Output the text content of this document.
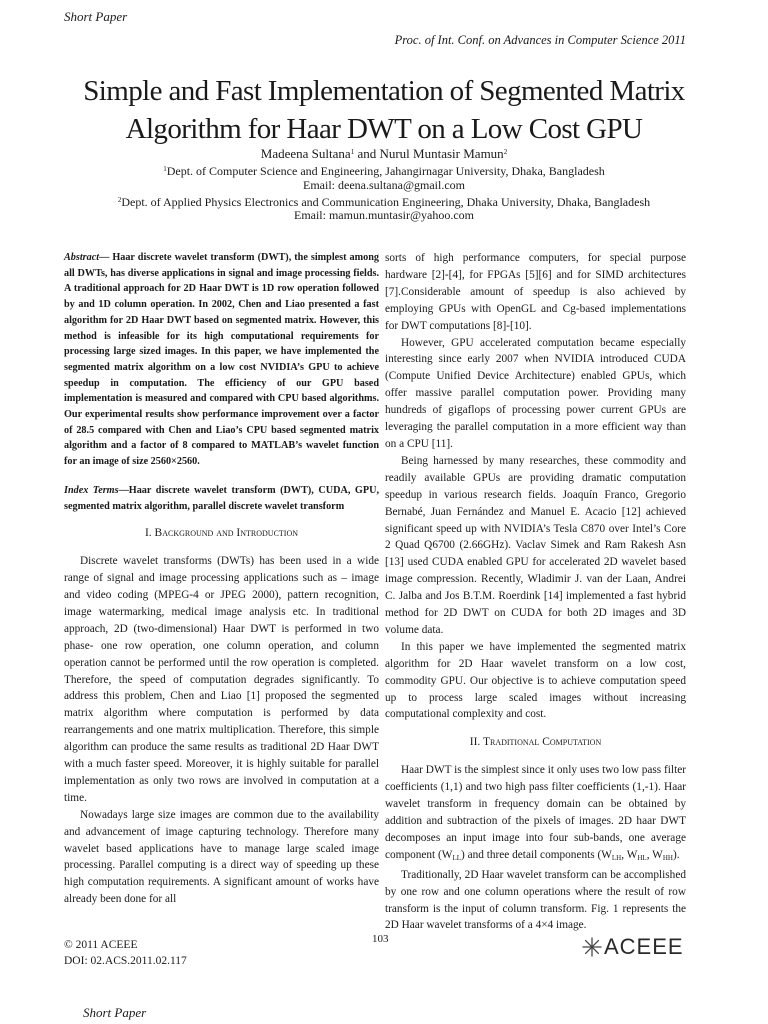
Short Paper
Proc. of Int. Conf. on Advances in Computer Science 2011
Simple and Fast Implementation of Segmented Matrix
Algorithm for Haar DWT on a Low Cost GPU
Madeena Sultana$^1$ and Nurul Muntasir Mamun$^2$
$^1$Dept. of Computer Science and Engineering, Jahangirnagar University, Dhaka, Bangladesh
Email: deena.sultana@gmail.com
$^2$Dept. of Applied Physics Electronics and Communication Engineering, Dhaka University, Dhaka, Bangladesh
Email: mamun.muntasir@yahoo.com

Abstract— Haar discrete wavelet transform (DWT), the simplest among all DWTs, has diverse applications in signal and image processing fields. A traditional approach for 2D Haar DWT is 1D row operation followed by and 1D column operation. In 2002, Chen and Liao presented a fast algorithm for 2D Haar DWT based on segmented matrix. However, this method is infeasible for its high computational requirements for processing large sized images. In this paper, we have implemented the segmented matrix algorithm on a low cost NVIDIA’s GPU to achieve speedup in computation. The efficiency of our GPU based implementation is measured and compared with CPU based algorithms. Our experimental results show performance improvement over a factor of 28.5 compared with Chen and Liao’s CPU based segmented matrix algorithm and a factor of 8 compared to MATLAB’s wavelet function for an image of size 2560×2560.

Index Terms—Haar discrete wavelet transform (DWT), CUDA, GPU, segmented matrix algorithm, parallel discrete wavelet transform

I. Background and Introduction

Discrete wavelet transforms (DWTs) has been used in a wide range of signal and image processing applications such as – image and video coding (MPEG-4 or JPEG 2000), pattern recognition, image watermarking, medical image analysis etc. In traditional approach, 2D (two-dimensional) Haar DWT is performed in two phase- one row operation, one column operation, and column operation cannot be performed until the row operation is completed. Therefore, the speed of computation degrades significantly. To address this problem, Chen and Liao [1] proposed the segmented matrix algorithm where computation is performed by data rearrangements and one matrix multiplication. Therefore, this simple algorithm can produce the same results as traditional 2D Haar DWT with a much faster speed. Moreover, it is highly suitable for parallel implementation as only two rows are involved in computation at a time.

Nowadays large size images are common due to the availability and advancement of image capturing technology. Therefore many wavelet based applications have to manage large scaled image processing. Parallel computing is a direct way of speeding up these high computation requirements. A significant amount of works have already been done for all

sorts of high performance computers, for special purpose hardware [2]-[4], for FPGAs [5][6] and for SIMD architectures [7].Considerable amount of speedup is also achieved by employing GPUs with OpenGL and Cg-based implementations for DWT computations [8]-[10].

However, GPU accelerated computation became especially interesting since early 2007 when NVIDIA introduced CUDA (Compute Unified Device Architecture) enabled GPUs, which offer massive parallel computation power. Providing many hundreds of gigaflops of processing power current GPUs are leveraging the parallel computation in a more efficient way than on a CPU [11].

Being harnessed by many researches, these commodity and readily available GPUs are providing dramatic computation speedup in various research fields. Joaquín Franco, Gregorio Bernabé, Juan Fernández and Manuel E. Acacio [12] achieved significant speed up with NVIDIA’s Tesla C870 over Intel’s Core 2 Quad Q6700 (2.66GHz). Vaclav Simek and Ram Rakesh Asn [13] used CUDA enabled GPU for accelerated 2D wavelet based image compression. Recently, Wladimir J. van der Laan, Andrei C. Jalba and Jos B.T.M. Roerdink [14] implemented a fast hybrid method for 2D DWT on CUDA for both 2D images and 3D volume data.

In this paper we have implemented the segmented matrix algorithm for 2D Haar wavelet transform on a low cost, commodity GPU. Our objective is to achieve computation speed up to process large scaled images without increasing computational complexity and cost.

II. Traditional Computation

Haar DWT is the simplest since it only uses two low pass filter coefficients (1,1) and two high pass filter coefficients (1,-1). Haar wavelet transform in frequency domain can be obtained by addition and subtraction of the pixels of images. 2D haar DWT decomposes an input image into four sub-bands, one average component $(W_{LL})$ and three detail components ($W_{LH}$, $W_{HL}$, $W_{HH}$).

Traditionally, 2D Haar wavelet transform can be accomplished by one row and one column operations where the result of row transform is the input of column transform. Fig. 1 represents the 2D Haar wavelet transforms of a 4×4 image.

© 2011 ACEEE
DOI: 02.ACS.2011.02.117
103	ACEEE
Short Paper
